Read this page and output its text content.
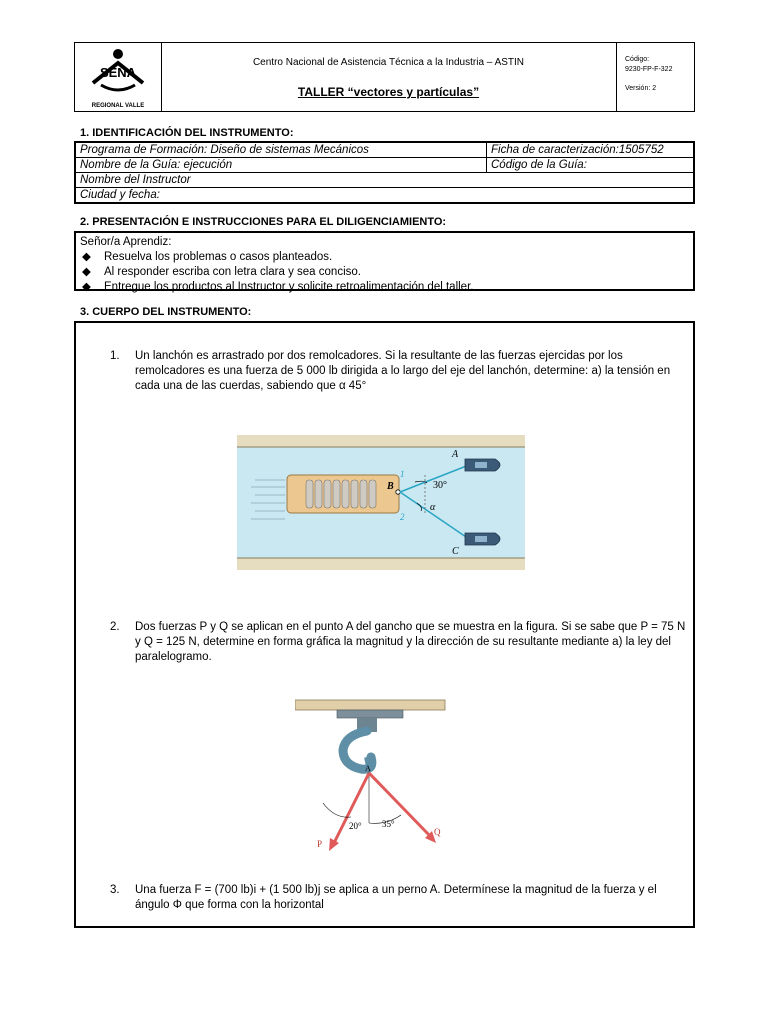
SENA
REGIONAL VALLE
Centro Nacional de Asistencia Técnica a la Industria – ASTIN
TALLER “vectores y partículas”
Código:
9230-FP-F-322
Versión: 2
1. IDENTIFICACIÓN DEL INSTRUMENTO:
Programa de Formación: Diseño de sistemas Mecánicos	Ficha de caracterización:1505752
Nombre de la Guía: ejecución	Código de la Guía:
Nombre del Instructor	
Ciudad y fecha:	
2. PRESENTACIÓN E INSTRUCCIONES PARA EL DILIGENCIAMIENTO:
Señor/a Aprendiz:
◆ Resuelva los problemas o casos planteados.
◆ Al responder escriba con letra clara y sea conciso.
◆ Entregue los productos al Instructor y solicite retroalimentación del taller.
3. CUERPO DEL INSTRUMENTO:
1. Un lanchón es arrastrado por dos remolcadores. Si la resultante de las fuerzas ejercidas por los remolcadores es una fuerza de 5 000 lb dirigida a lo largo del eje del lanchón, determine: a) la tensión en cada una de las cuerdas, sabiendo que α 45°
A
B
C
1
2
30°
α
2. Dos fuerzas P y Q se aplican en el punto A del gancho que se muestra en la figura. Si se sabe que P = 75 N y Q = 125 N, determine en forma gráfica la magnitud y la dirección de su resultante mediante a) la ley del paralelogramo.
A
P
Q
20° 35°
3. Una fuerza F = (700 lb)i + (1 500 lb)j se aplica a un perno A. Determínese la magnitud de la fuerza y el ángulo Φ que forma con la horizontal
